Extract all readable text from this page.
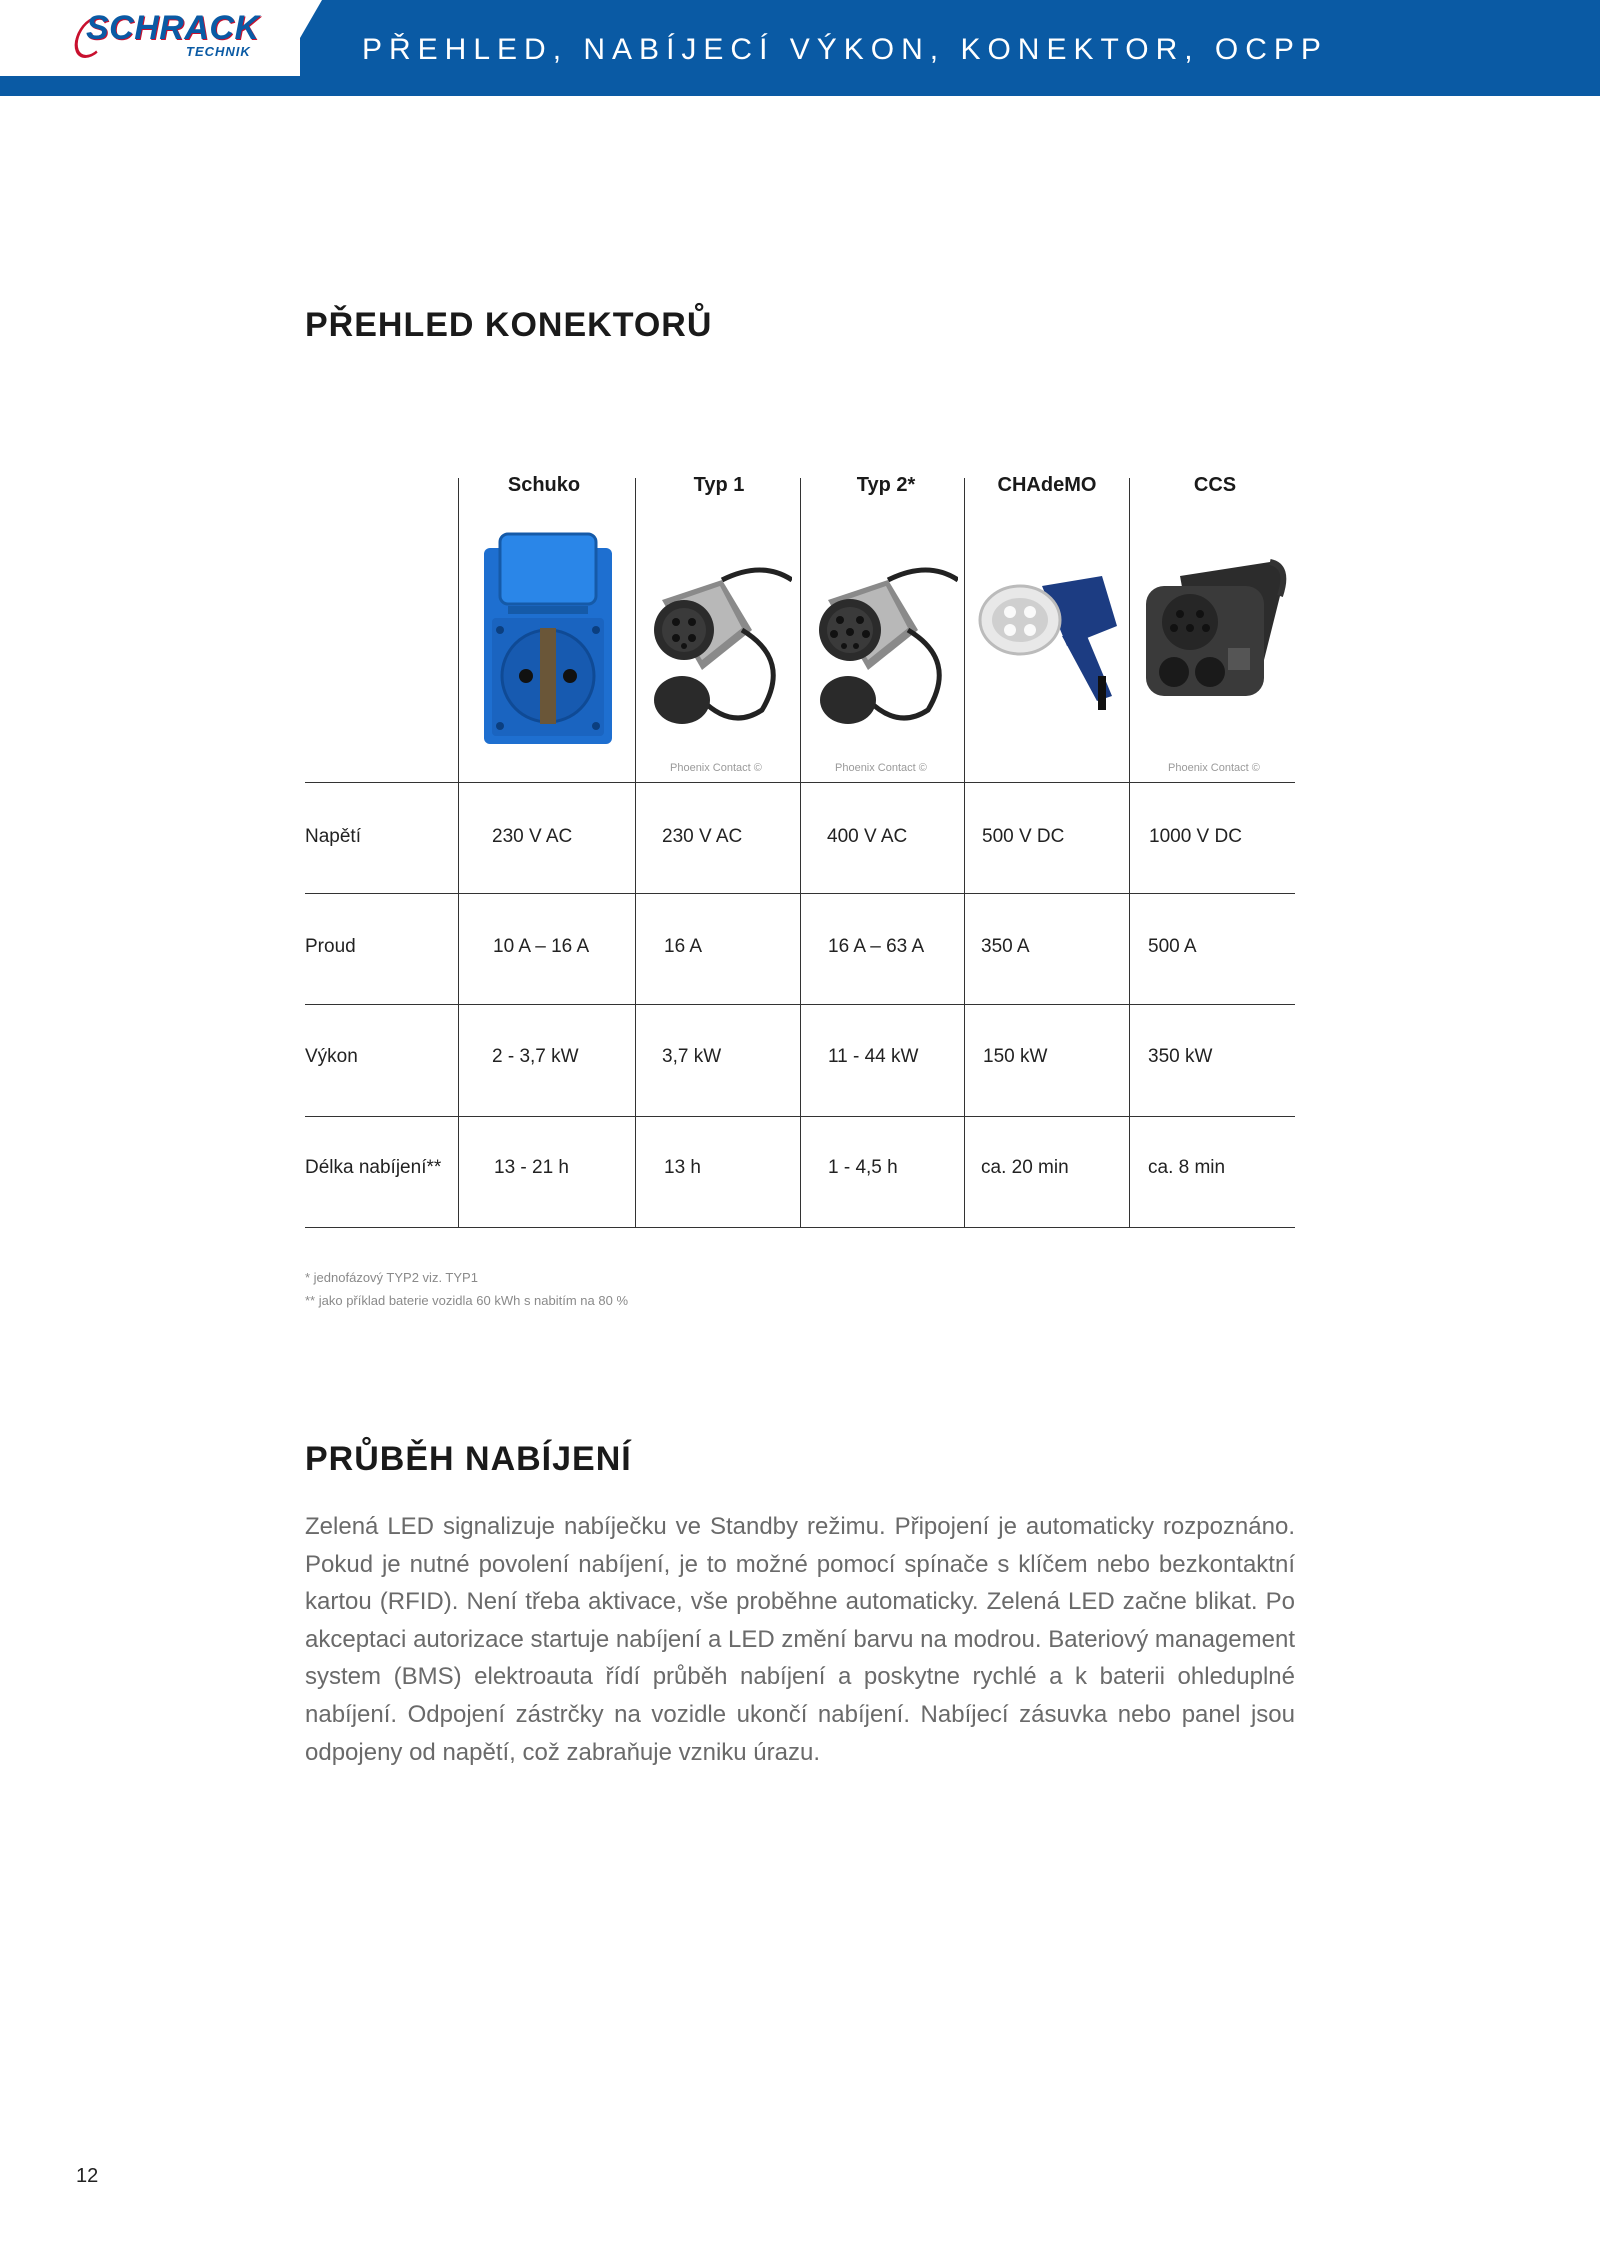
SCHRACK
TECHNIK	PŘEHLED, NABÍJECÍ VÝKON, KONEKTOR, OCPP
PŘEHLED KONEKTORŮ
Schuko	Typ 1	Typ 2*	CHAdeMO	CCS
Phoenix Contact ©	Phoenix Contact ©	Phoenix Contact ©
Napětí	230 V AC	230 V AC	400 V AC	500 V DC	1000 V DC
Proud	10 A – 16 A	16 A	16 A – 63 A	350 A	500 A
Výkon	2 - 3,7 kW	3,7 kW	11 - 44 kW	150 kW	350 kW
Délka nabíjení**	13 - 21 h	13 h	1 - 4,5 h	ca. 20 min	ca. 8 min
* jednofázový TYP2 viz. TYP1
** jako příklad baterie vozidla 60 kWh s nabitím na 80 %
PRŮBĚH NABÍJENÍ
Zelená LED signalizuje nabíječku ve Standby režimu. Připojení je automaticky rozpoznáno. Pokud je nutné povolení nabíjení, je to možné pomocí spínače s klíčem nebo bezkontaktní kartou (RFID). Není třeba aktivace, vše proběhne automaticky. Zelená LED začne blikat. Po akceptaci autorizace startuje nabíjení a LED změní barvu na modrou. Bateriový management system (BMS) elektroauta řídí průběh nabíjení a poskytne rychlé a k baterii ohleduplné nabíjení. Odpojení zástrčky na vozidle ukončí nabíjení. Nabíjecí zásuvka nebo panel jsou odpojeny od napětí, což zabraňuje vzniku úrazu.
12
